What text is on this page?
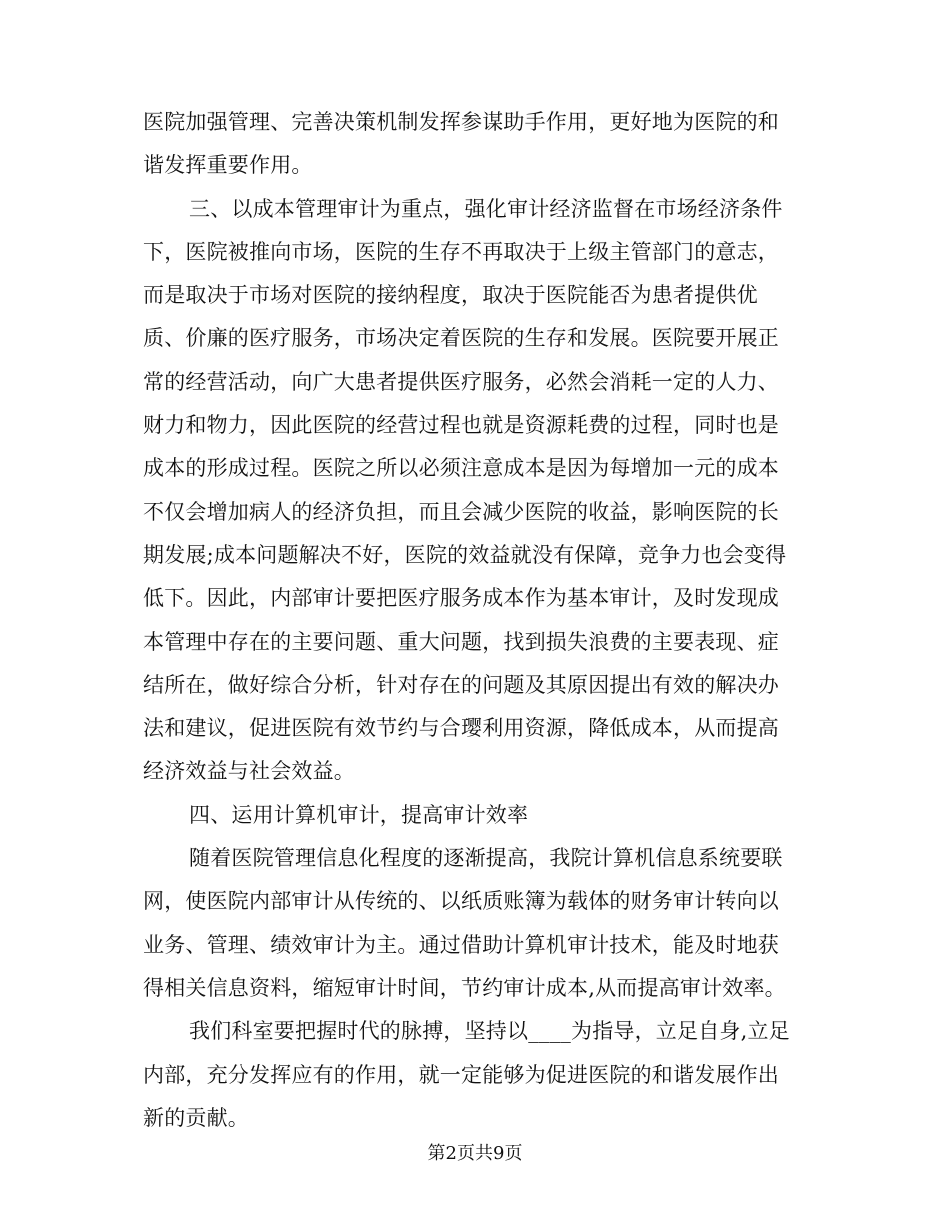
医院加强管理、完善决策机制发挥参谋助手作用，更好地为医院的和
谐发挥重要作用。
三、以成本管理审计为重点，强化审计经济监督在市场经济条件
下，医院被推向市场，医院的生存不再取决于上级主管部门的意志，
而是取决于市场对医院的接纳程度，取决于医院能否为患者提供优
质、价廉的医疗服务，市场决定着医院的生存和发展。医院要开展正
常的经营活动，向广大患者提供医疗服务，必然会消耗一定的人力、
财力和物力，因此医院的经营过程也就是资源耗费的过程，同时也是
成本的形成过程。医院之所以必须注意成本是因为每增加一元的成本
不仅会增加病人的经济负担，而且会减少医院的收益，影响医院的长
期发展;成本问题解决不好，医院的效益就没有保障，竞争力也会变得
低下。因此，内部审计要把医疗服务成本作为基本审计，及时发现成
本管理中存在的主要问题、重大问题，找到损失浪费的主要表现、症
结所在，做好综合分析，针对存在的问题及其原因提出有效的解决办
法和建议，促进医院有效节约与合璎利用资源，降低成本，从而提高
经济效益与社会效益。
四、运用计算机审计，提高审计效率
随着医院管理信息化程度的逐渐提高，我院计算机信息系统要联
网，使医院内部审计从传统的、以纸质账簿为载体的财务审计转向以
业务、管理、绩效审计为主。通过借助计算机审计技术，能及时地获
得相关信息资料，缩短审计时间，节约审计成本,从而提高审计效率。
我们科室要把握时代的脉搏，坚持以____为指导，立足自身,立足
内部，充分发挥应有的作用，就一定能够为促进医院的和谐发展作出
新的贡献。
第2页共9页
